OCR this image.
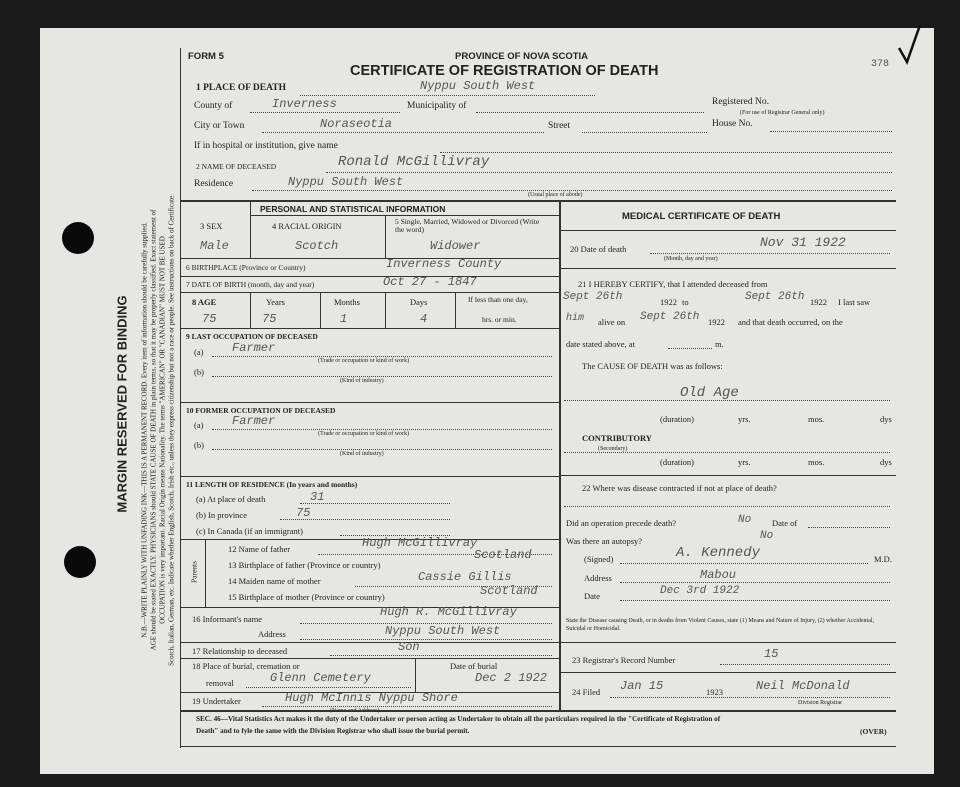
MARGIN RESERVED FOR BINDING N.B.—WRITE PLAINLY WITH UNFADING INK—THIS IS A PERMANENT RECORD. Every item of information should be carefully supplied. AGE should be stated EXACTLY. PHYSICIANS should STATE CAUSE OF DEATH in plain terms, so that it may be properly classified. Exact statement of OCCUPATION is very important. Racial Origin means Nationality. The terms "AMERICAN" OR "CANADIAN" MUST NOT BE USED Scotch, Italian, German, etc. Indicate whether English, Scotch, Irish etc., unless they express citizenship but not a race or people. See instructions on back of Certificate.
FORM 5	PROVINCE OF NOVA SCOTIA
CERTIFICATE OF REGISTRATION OF DEATH	378
1 PLACE OF DEATH	Nyppu South West
County of	Inverness	Municipality of	Registered No.
(For use of Registrar General only)
City or Town	Noraseotia	Street	House No.
If in hospital or institution, give name
2 NAME OF DECEASED	Ronald McGillivray
Residence	Nyppu South West
(Usual place of abode)
PERSONAL AND STATISTICAL INFORMATION
3 SEX	4 RACIAL ORIGIN	5 Single, Married, Widowed or Divorced (Write the word)
Male	Scotch	Widower
6 BIRTHPLACE (Province or Country)	Inverness County
7 DATE OF BIRTH (month, day and year)	Oct 27 - 1847
8 AGE	Years	Months	Days	If less than one day,
hrs. or min.
75	75	1	4
9 LAST OCCUPATION OF DECEASED
(a) Farmer
(Trade or occupation or kind of work)
(b)
(Kind of industry)
10 FORMER OCCUPATION OF DECEASED
(a) Farmer
(Trade or occupation or kind of work)
(b)
(Kind of industry)
11 LENGTH OF RESIDENCE (In years and months)
(a) At place of death	31
(b) In province	75
(c) In Canada (if an immigrant)
Parents
12 Name of father	Hugh McGillivray
13 Birthplace of father (Province or country)
Scotland
14 Maiden name of mother	Cassie Gillis
15 Birthplace of mother (Province or country)	Scotland
16 Informant's name	Hugh R. McGillivray
Address	Nyppu South West
17 Relationship to deceased	Son
18 Place of burial, cremation or
removal	Glenn Cemetery
Date of burial
Dec 2 1922
19 Undertaker	Hugh McInnis Nyppu Shore
(Name and Address)
MEDICAL CERTIFICATE OF DEATH
20 Date of death	Nov 31 1922
(Month, day and year)
21 I HEREBY CERTIFY, that I attended deceased from
Sept 26th	1922 to	Sept 26th 1922 I last saw
him alive on Sept 26th 1922 and that death occurred, on the
date stated above, at	m.
The CAUSE OF DEATH was as follows:
Old Age
(duration)	yrs.	mos.	dys
CONTRIBUTORY
(Secondary)
(duration)	yrs.	mos.	dys
22 Where was disease contracted if not at place of death?
Did an operation precede death?	No Date of
Was there an autopsy?	No
(Signed)	A. Kennedy	M.D.
Address	Mabou
Date	Dec 3rd 1922
State the Disease causing Death, or in deaths from Violent Causes, state (1) Means and Nature of Injury, (2) whether Accidental, Suicidal or Homicidal.
23 Registrar's Record Number	15
24 Filed Jan 15	1923	Neil McDonald
Division Registrar
SEC. 46—Vital Statistics Act makes it the duty of the Undertaker or person acting as Undertaker to obtain all the particulars required in the "Certificate of Registration of
Death" and to fyle the same with the Division Registrar who shall issue the burial permit.	(OVER)
